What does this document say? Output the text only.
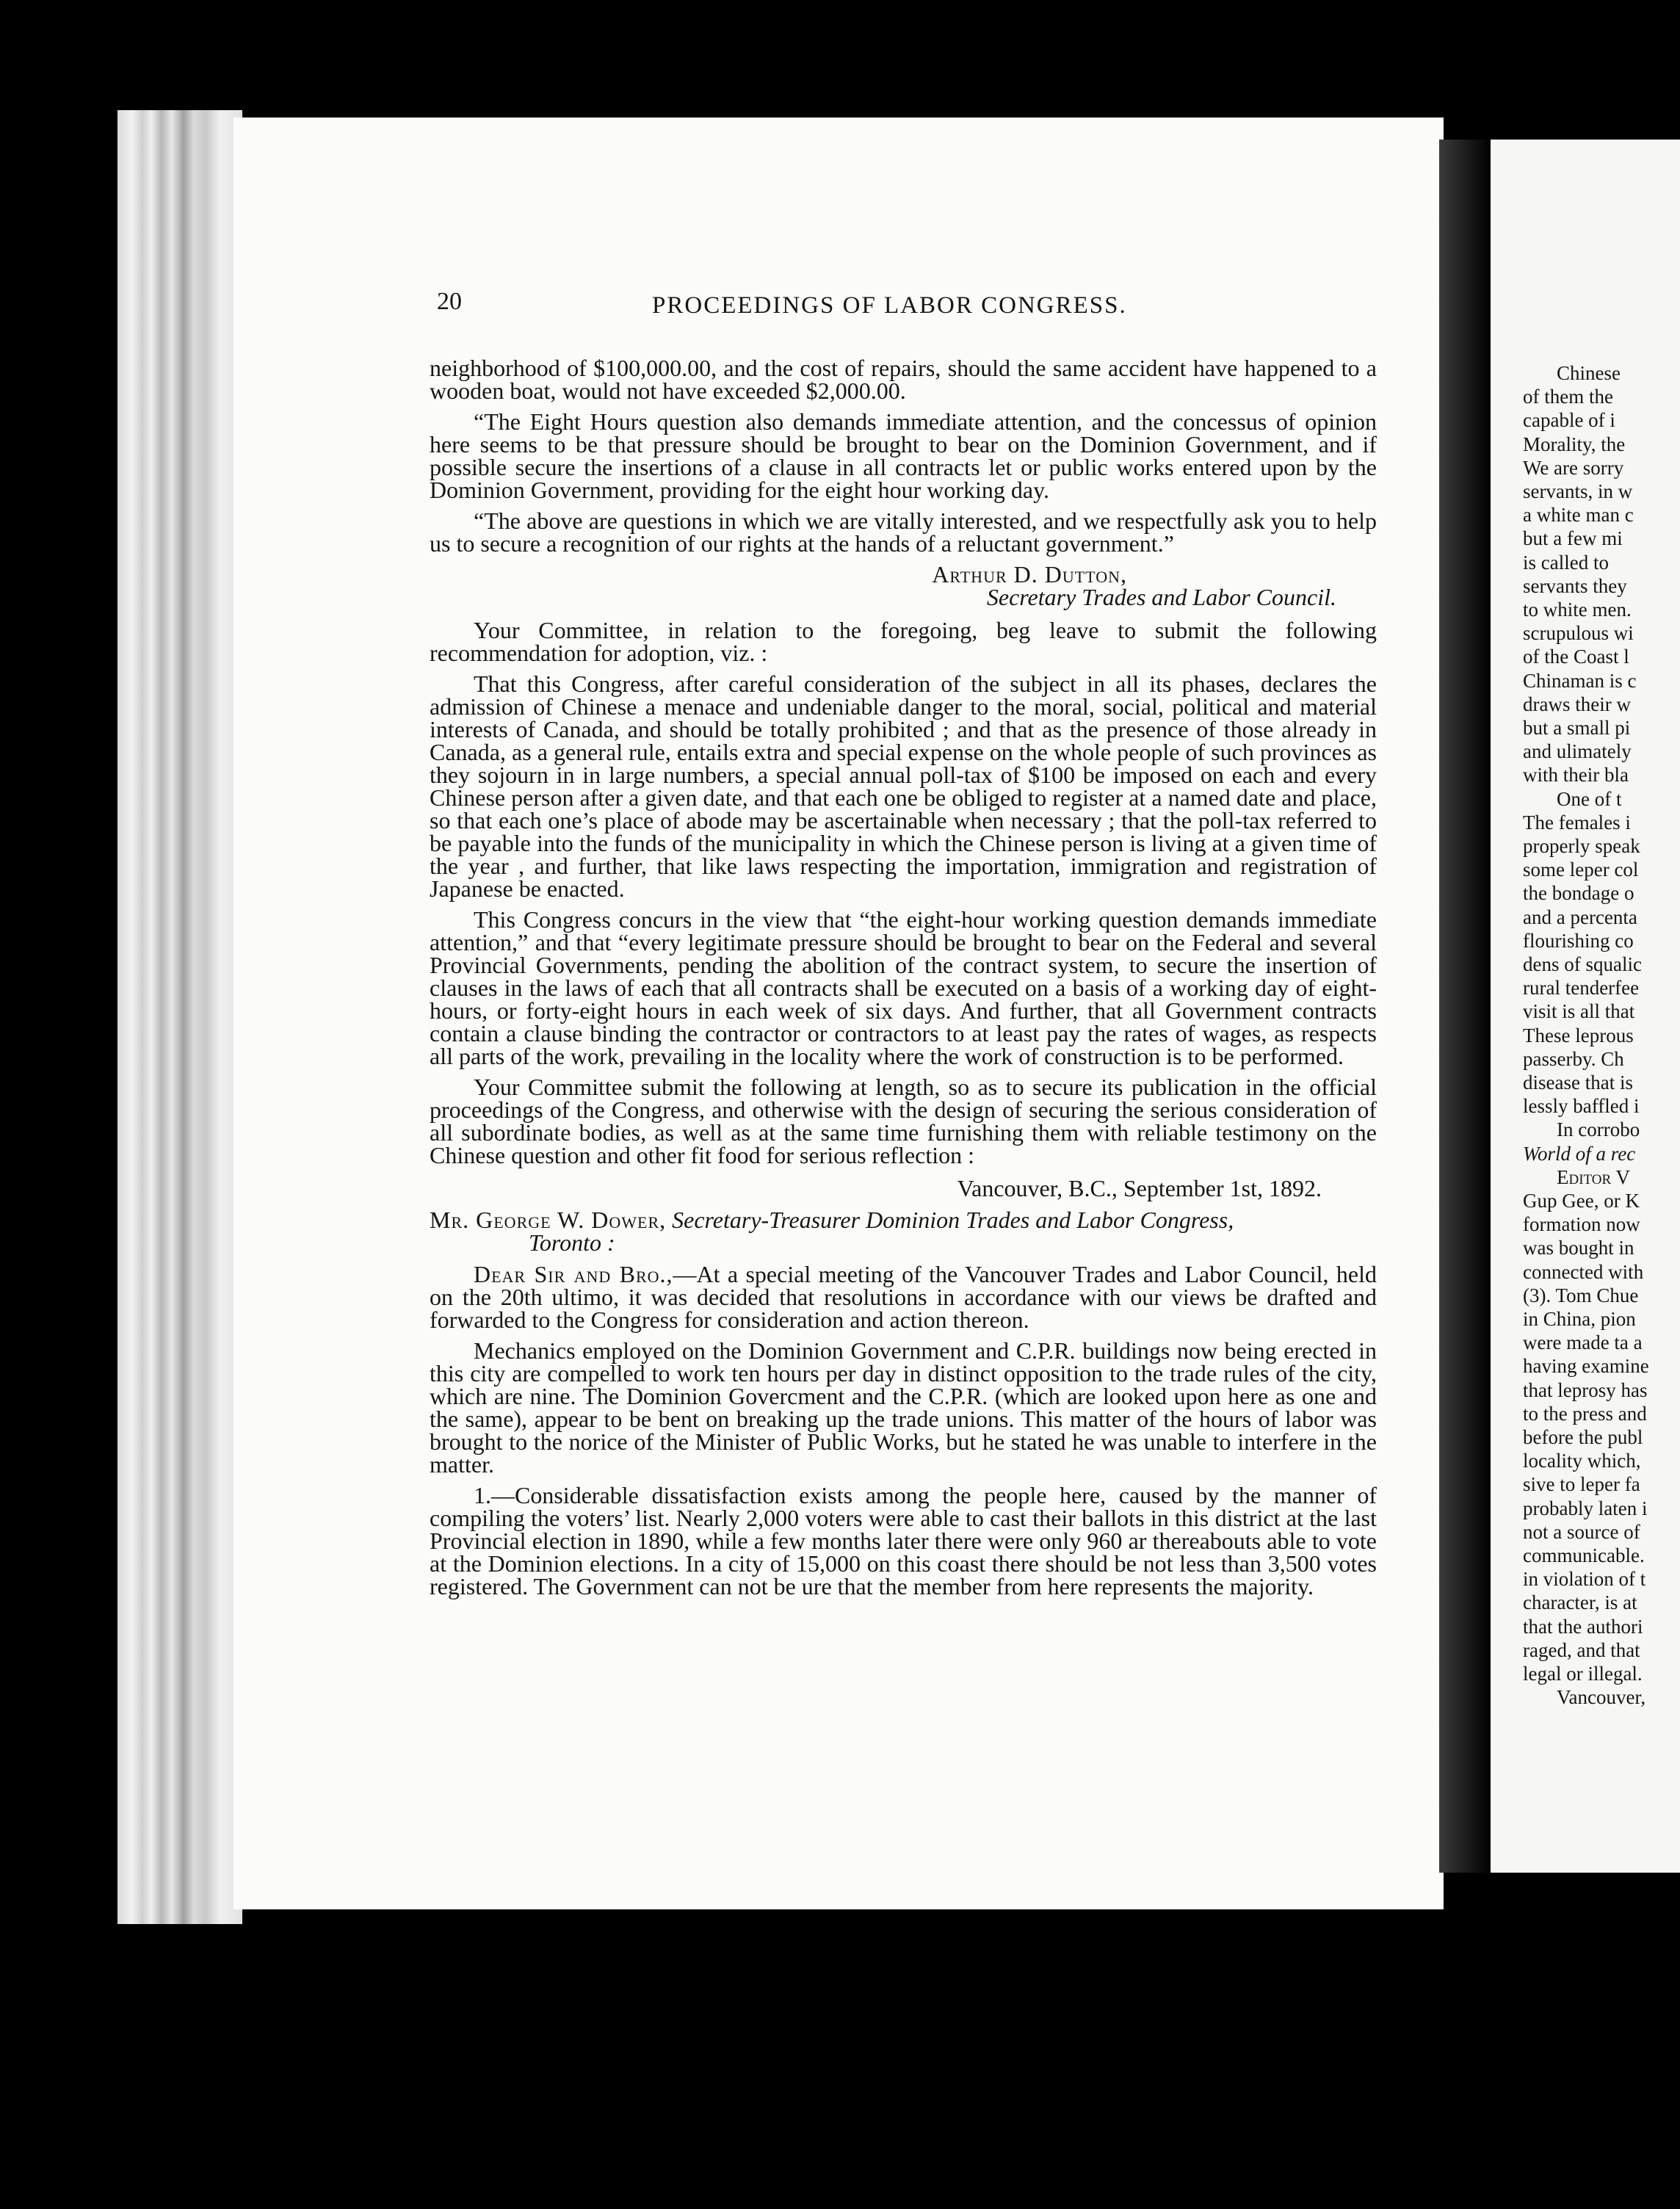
Chinese
of them the
capable of i
Morality, the
We are sorry
servants, in w
a white man c
but a few mi
is called to
servants they
to white men.
scrupulous wi
of the Coast l
Chinaman is c
draws their w
but a small pi
and ulimately
with their bla
One of t
The females i
properly speak
some leper col
the bondage o
and a percenta
flourishing co
dens of squalic
rural tenderfee
visit is all that
These leprous
passerby. Ch
disease that is
lessly baffled i
In corrobo
World of a rec
Editor V
Gup Gee, or K
formation now
was bought in
connected with
(3). Tom Chue
in China, pion
were made ta a
having examine
that leprosy has
to the press and
before the publ
locality which,
sive to leper fa
probably laten i
not a source of
communicable.
in violation of t
character, is at
that the authori
raged, and that
legal or illegal.
Vancouver,
20	PROCEEDINGS OF LABOR CONGRESS.

neighborhood of $100,000.00, and the cost of repairs, should the same accident have happened to a wooden boat, would not have exceeded $2,000.00.

“The Eight Hours question also demands immediate attention, and the concessus of opinion here seems to be that pressure should be brought to bear on the Dominion Government, and if possible secure the insertions of a clause in all contracts let or public works entered upon by the Dominion Government, providing for the eight hour working day.

“The above are questions in which we are vitally interested, and we respectfully ask you to help us to secure a recognition of our rights at the hands of a reluctant government.”

Arthur D. Dutton,
Secretary Trades and Labor Council.

Your Committee, in relation to the foregoing, beg leave to submit the following recommendation for adoption, viz. :

That this Congress, after careful consideration of the subject in all its phases, declares the admission of Chinese a menace and undeniable danger to the moral, social, political and material interests of Canada, and should be totally prohibited ; and that as the presence of those already in Canada, as a general rule, entails extra and special expense on the whole people of such provinces as they sojourn in in large numbers, a special annual poll-tax of $100 be imposed on each and every Chinese person after a given date, and that each one be obliged to register at a named date and place, so that each one’s place of abode may be ascertainable when necessary ; that the poll-tax referred to be payable into the funds of the municipality in which the Chinese person is living at a given time of the year , and further, that like laws respecting the importation, immigration and registration of Japanese be enacted.

This Congress concurs in the view that “the eight-hour working question demands immediate attention,” and that “every legitimate pressure should be brought to bear on the Federal and several Provincial Governments, pending the abolition of the contract system, to secure the insertion of clauses in the laws of each that all contracts shall be executed on a basis of a working day of eight-hours, or forty-eight hours in each week of six days. And further, that all Government contracts contain a clause binding the contractor or contractors to at least pay the rates of wages, as respects all parts of the work, prevailing in the locality where the work of construction is to be performed.

Your Committee submit the following at length, so as to secure its publication in the official proceedings of the Congress, and otherwise with the design of securing the serious consideration of all subordinate bodies, as well as at the same time furnishing them with reliable testimony on the Chinese question and other fit food for serious reflection :

Vancouver, B.C., September 1st, 1892.
Mr. George W. Dower, Secretary-Treasurer Dominion Trades and Labor Congress,
Toronto :

Dear Sir and Bro.,—At a special meeting of the Vancouver Trades and Labor Council, held on the 20th ultimo, it was decided that resolutions in accordance with our views be drafted and forwarded to the Congress for consideration and action thereon.

Mechanics employed on the Dominion Government and C.P.R. buildings now being erected in this city are compelled to work ten hours per day in distinct opposition to the trade rules of the city, which are nine. The Dominion Govercment and the C.P.R. (which are looked upon here as one and the same), appear to be bent on breaking up the trade unions. This matter of the hours of labor was brought to the norice of the Minister of Public Works, but he stated he was unable to interfere in the matter.

1.—Considerable dissatisfaction exists among the people here, caused by the manner of compiling the voters’ list. Nearly 2,000 voters were able to cast their ballots in this district at the last Provincial election in 1890, while a few months later there were only 960 ar thereabouts able to vote at the Dominion elections. In a city of 15,000 on this coast there should be not less than 3,500 votes registered. The Government can not be ure that the member from here represents the majority.
